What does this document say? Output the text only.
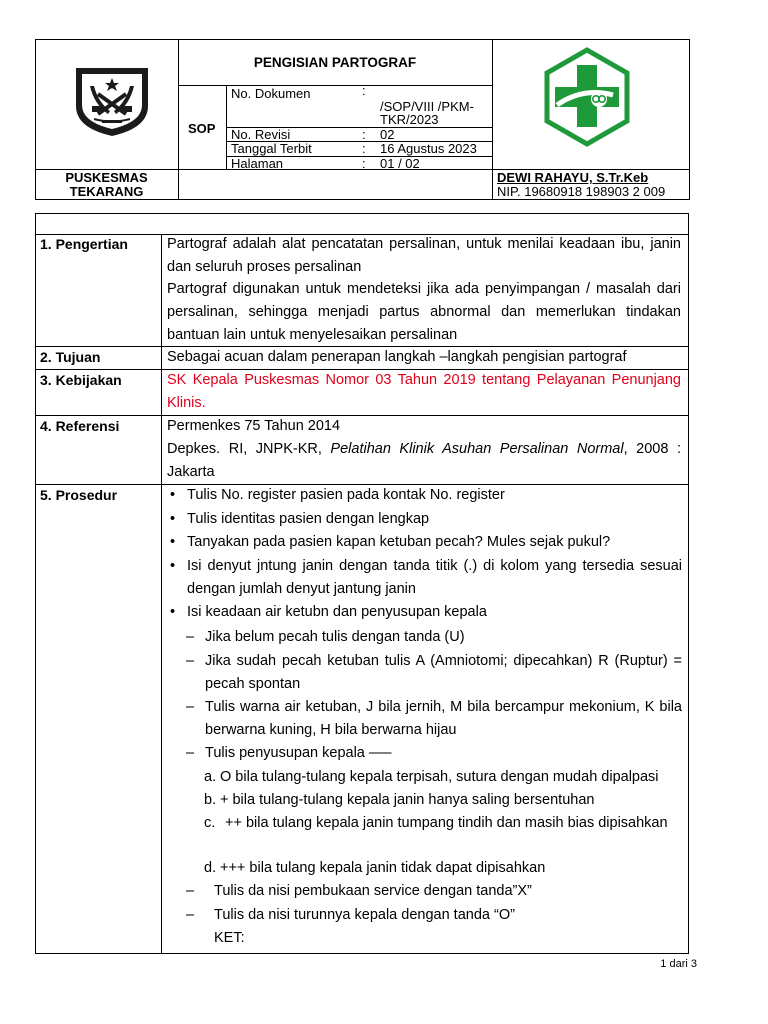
PENGISIAN PARTOGRAF
SOP
No. Dokumen	:
/SOP/VIII /PKM-
TKR/2023
No. Revisi	: 02
Tanggal Terbit	: 16 Agustus 2023
Halaman	: 01 / 02
PUSKESMAS
TEKARANG
DEWI RAHAYU, S.Tr.Keb
NIP. 19680918 198903 2 009
1. Pengertian	Partograf adalah alat pencatatan persalinan, untuk menilai keadaan ibu, janin dan seluruh proses persalinan
Partograf digunakan untuk mendeteksi jika ada penyimpangan / masalah dari persalinan, sehingga menjadi partus abnormal dan memerlukan tindakan bantuan lain untuk menyelesaikan persalinan
2. Tujuan	Sebagai acuan dalam penerapan langkah –langkah pengisian partograf
3. Kebijakan	SK Kepala Puskesmas Nomor 03 Tahun 2019 tentang Pelayanan Penunjang Klinis.
4. Referensi	Permenkes 75 Tahun 2014
Depkes. RI, JNPK-KR, Pelatihan Klinik Asuhan Persalinan Normal, 2008 : Jakarta
5. Prosedur	• Tulis No. register pasien pada kontak No. register
• Tulis identitas pasien dengan lengkap
• Tanyakan pada pasien kapan ketuban pecah? Mules sejak pukul?
• Isi denyut jntung janin dengan tanda titik (.) di kolom yang tersedia sesuai dengan jumlah denyut jantung janin
• Isi keadaan air ketubn dan penyusupan kepala
– Jika belum pecah tulis dengan tanda (U)
– Jika sudah pecah ketuban tulis A (Amniotomi; dipecahkan) R (Ruptur) = pecah spontan
– Tulis warna air ketuban, J bila jernih, M bila bercampur mekonium, K bila berwarna kuning, H bila berwarna hijau
– Tulis penyusupan kepala –—
a. O bila tulang-tulang kepala terpisah, sutura dengan mudah dipalpasi
b. + bila tulang-tulang kepala janin hanya saling bersentuhan
c. ++ bila tulang kepala janin tumpang tindih dan masih bias dipisahkan
d. +++ bila tulang kepala janin tidak dapat dipisahkan
– Tulis da nisi pembukaan service dengan tanda”X”
– Tulis da nisi turunnya kepala dengan tanda “O”
KET:
1 dari 3
